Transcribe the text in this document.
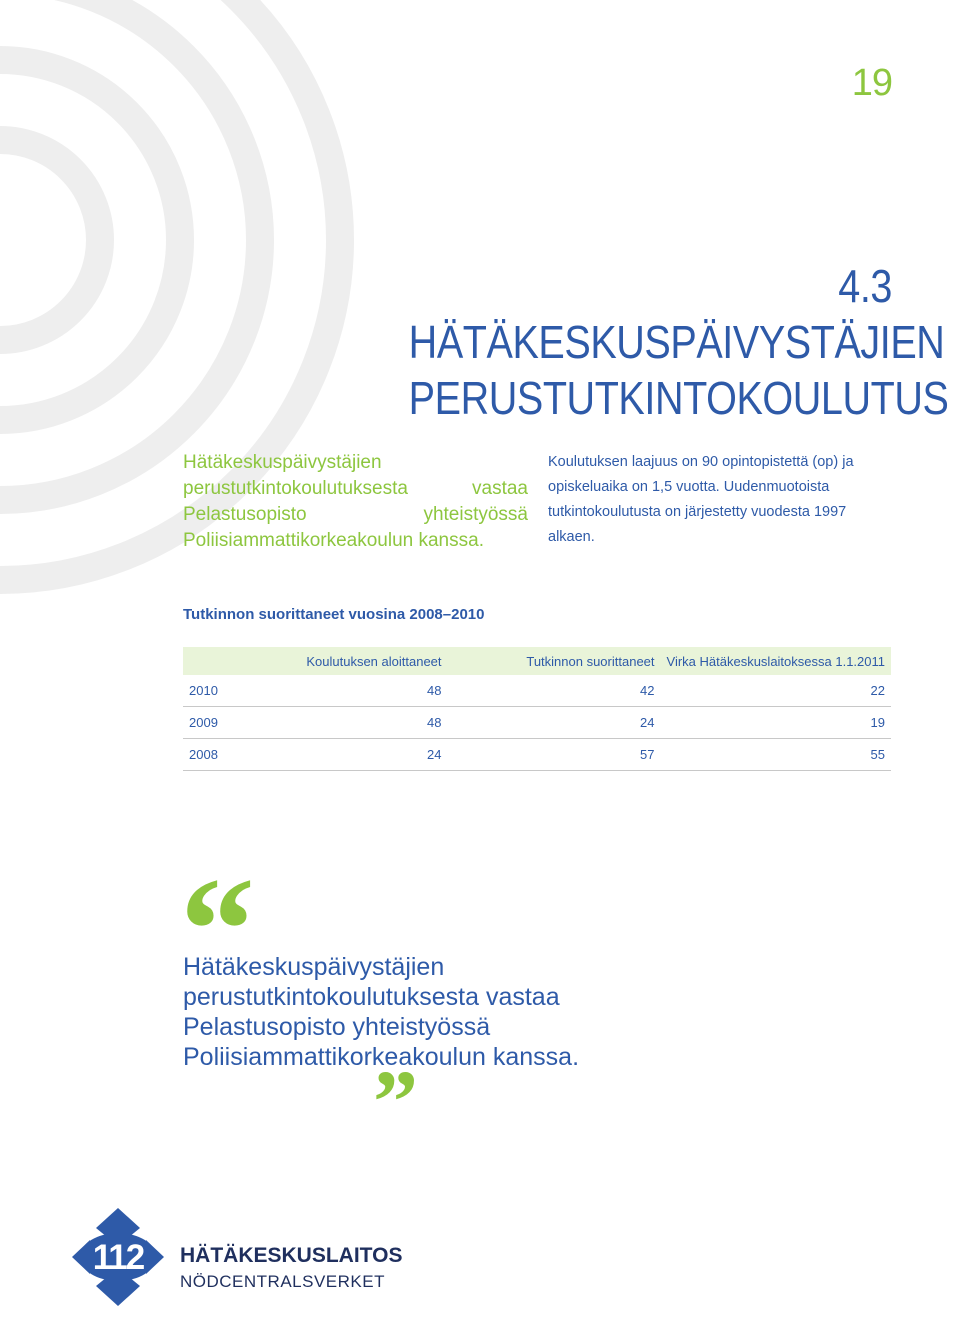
19
4.3 HÄTÄKESKUSPÄIVYSTÄJIEN
PERUSTUTKINTOKOULUTUS
Hätäkeskuspäivystäjien perustutkintokoulutuksesta vastaa Pelastusopisto yhteistyössä Poliisiammattikorkeakoulun kanssa.
Koulutuksen laajuus on 90 opintopistettä (op) ja opiskeluaika on 1,5 vuotta. Uudenmuotoista tutkintokoulutusta on järjestetty vuodesta 1997 alkaen.
Tutkinnon suorittaneet vuosina 2008–2010
	Koulutuksen aloittaneet	Tutkinnon suorittaneet	Virka Hätäkeskuslaitoksessa 1.1.2011
2010	48	42	22
2009	48	24	19
2008	24	57	55
“
Hätäkeskuspäivystäjien perustutkintokoulutuksesta vastaa Pelastusopisto yhteistyössä Poliisiammattikorkeakoulun kanssa.
”
112	HÄTÄKESKUSLAITOS
NÖDCENTRALSVERKET
